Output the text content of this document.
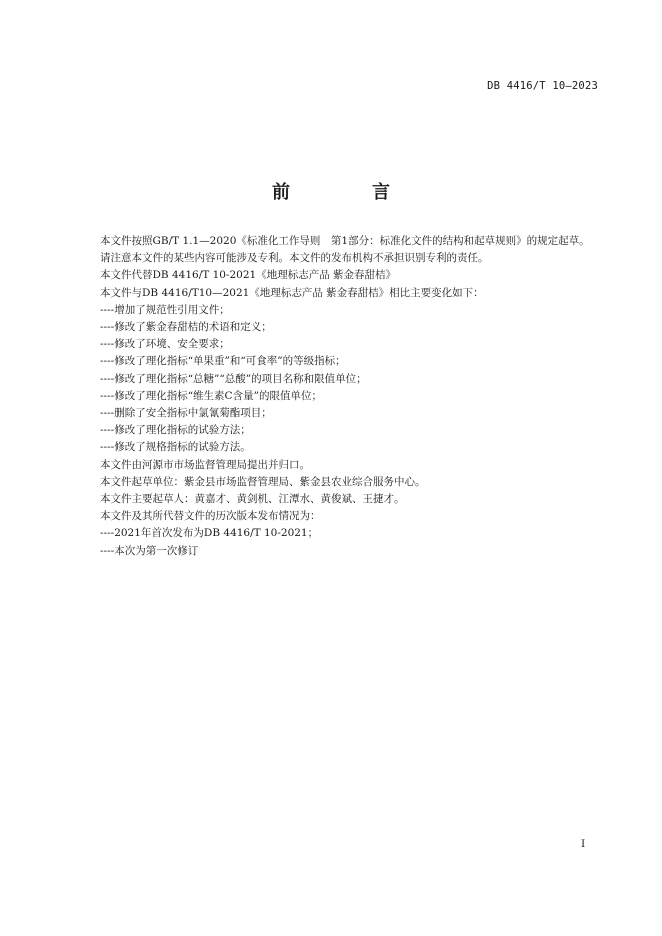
DB 4416/T 10—2023
前　言

本文件按照GB/T 1.1—2020《标准化工作导则　第1部分：标准化文件的结构和起草规则》的规定起草。

请注意本文件的某些内容可能涉及专利。本文件的发布机构不承担识别专利的责任。

本文件代替DB 4416/T 10-2021《地理标志产品 紫金春甜桔》

本文件与DB 4416/T10—2021《地理标志产品 紫金春甜桔》相比主要变化如下：

----增加了规范性引用文件；

----修改了紫金春甜桔的术语和定义；

----修改了环境、安全要求；

----修改了理化指标“单果重”和“可食率”的等级指标；

----修改了理化指标“总糖”“总酸”的项目名称和限值单位；

----修改了理化指标“维生素C含量”的限值单位；

----删除了安全指标中氯氰菊酯项目；

----修改了理化指标的试验方法；

----修改了规格指标的试验方法。

本文件由河源市市场监督管理局提出并归口。

本文件起草单位：紫金县市场监督管理局、紫金县农业综合服务中心。

本文件主要起草人：黄嘉才、黄剑机、江潭水、黄俊斌、王捷才。

本文件及其所代替文件的历次版本发布情况为：

----2021年首次发布为DB 4416/T 10-2021；

----本次为第一次修订

I
